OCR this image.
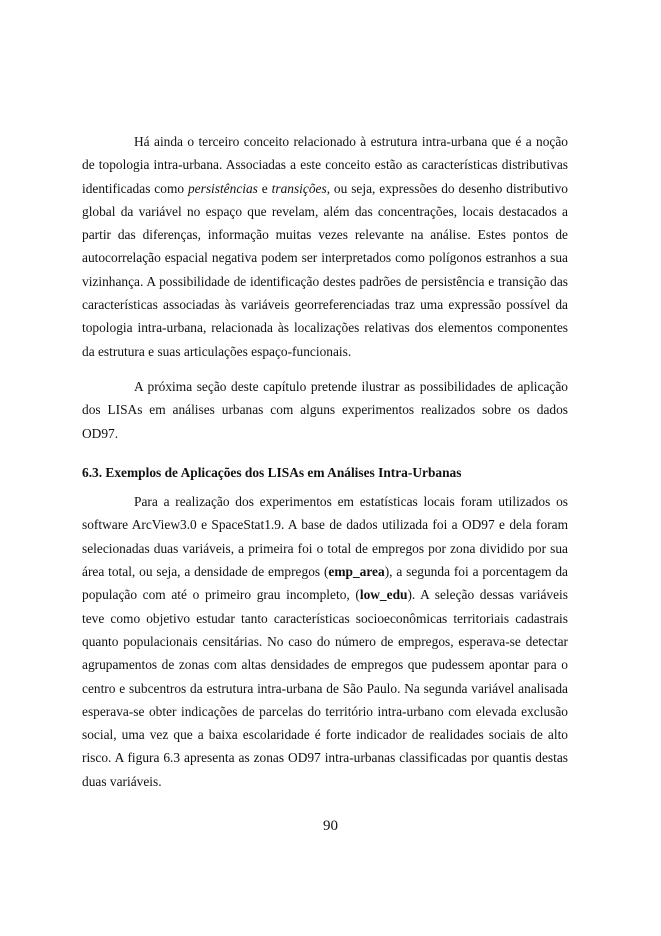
Há ainda o terceiro conceito relacionado à estrutura intra-urbana que é a noção de topologia intra-urbana. Associadas a este conceito estão as características distributivas identificadas como persistências e transições, ou seja, expressões do desenho distributivo global da variável no espaço que revelam, além das concentrações, locais destacados a partir das diferenças, informação muitas vezes relevante na análise. Estes pontos de autocorrelação espacial negativa podem ser interpretados como polígonos estranhos a sua vizinhança. A possibilidade de identificação destes padrões de persistência e transição das características associadas às variáveis georreferenciadas traz uma expressão possível da topologia intra-urbana, relacionada às localizações relativas dos elementos componentes da estrutura e suas articulações espaço-funcionais.

A próxima seção deste capítulo pretende ilustrar as possibilidades de aplicação dos LISAs em análises urbanas com alguns experimentos realizados sobre os dados OD97.

6.3. Exemplos de Aplicações dos LISAs em Análises Intra-Urbanas

Para a realização dos experimentos em estatísticas locais foram utilizados os software ArcView3.0 e SpaceStat1.9. A base de dados utilizada foi a OD97 e dela foram selecionadas duas variáveis, a primeira foi o total de empregos por zona dividido por sua área total, ou seja, a densidade de empregos (emp_area), a segunda foi a porcentagem da população com até o primeiro grau incompleto, (low_edu). A seleção dessas variáveis teve como objetivo estudar tanto características socioeconômicas territoriais cadastrais quanto populacionais censitárias. No caso do número de empregos, esperava-se detectar agrupamentos de zonas com altas densidades de empregos que pudessem apontar para o centro e subcentros da estrutura intra-urbana de São Paulo. Na segunda variável analisada esperava-se obter indicações de parcelas do território intra-urbano com elevada exclusão social, uma vez que a baixa escolaridade é forte indicador de realidades sociais de alto risco. A figura 6.3 apresenta as zonas OD97 intra-urbanas classificadas por quantis destas duas variáveis.

90
